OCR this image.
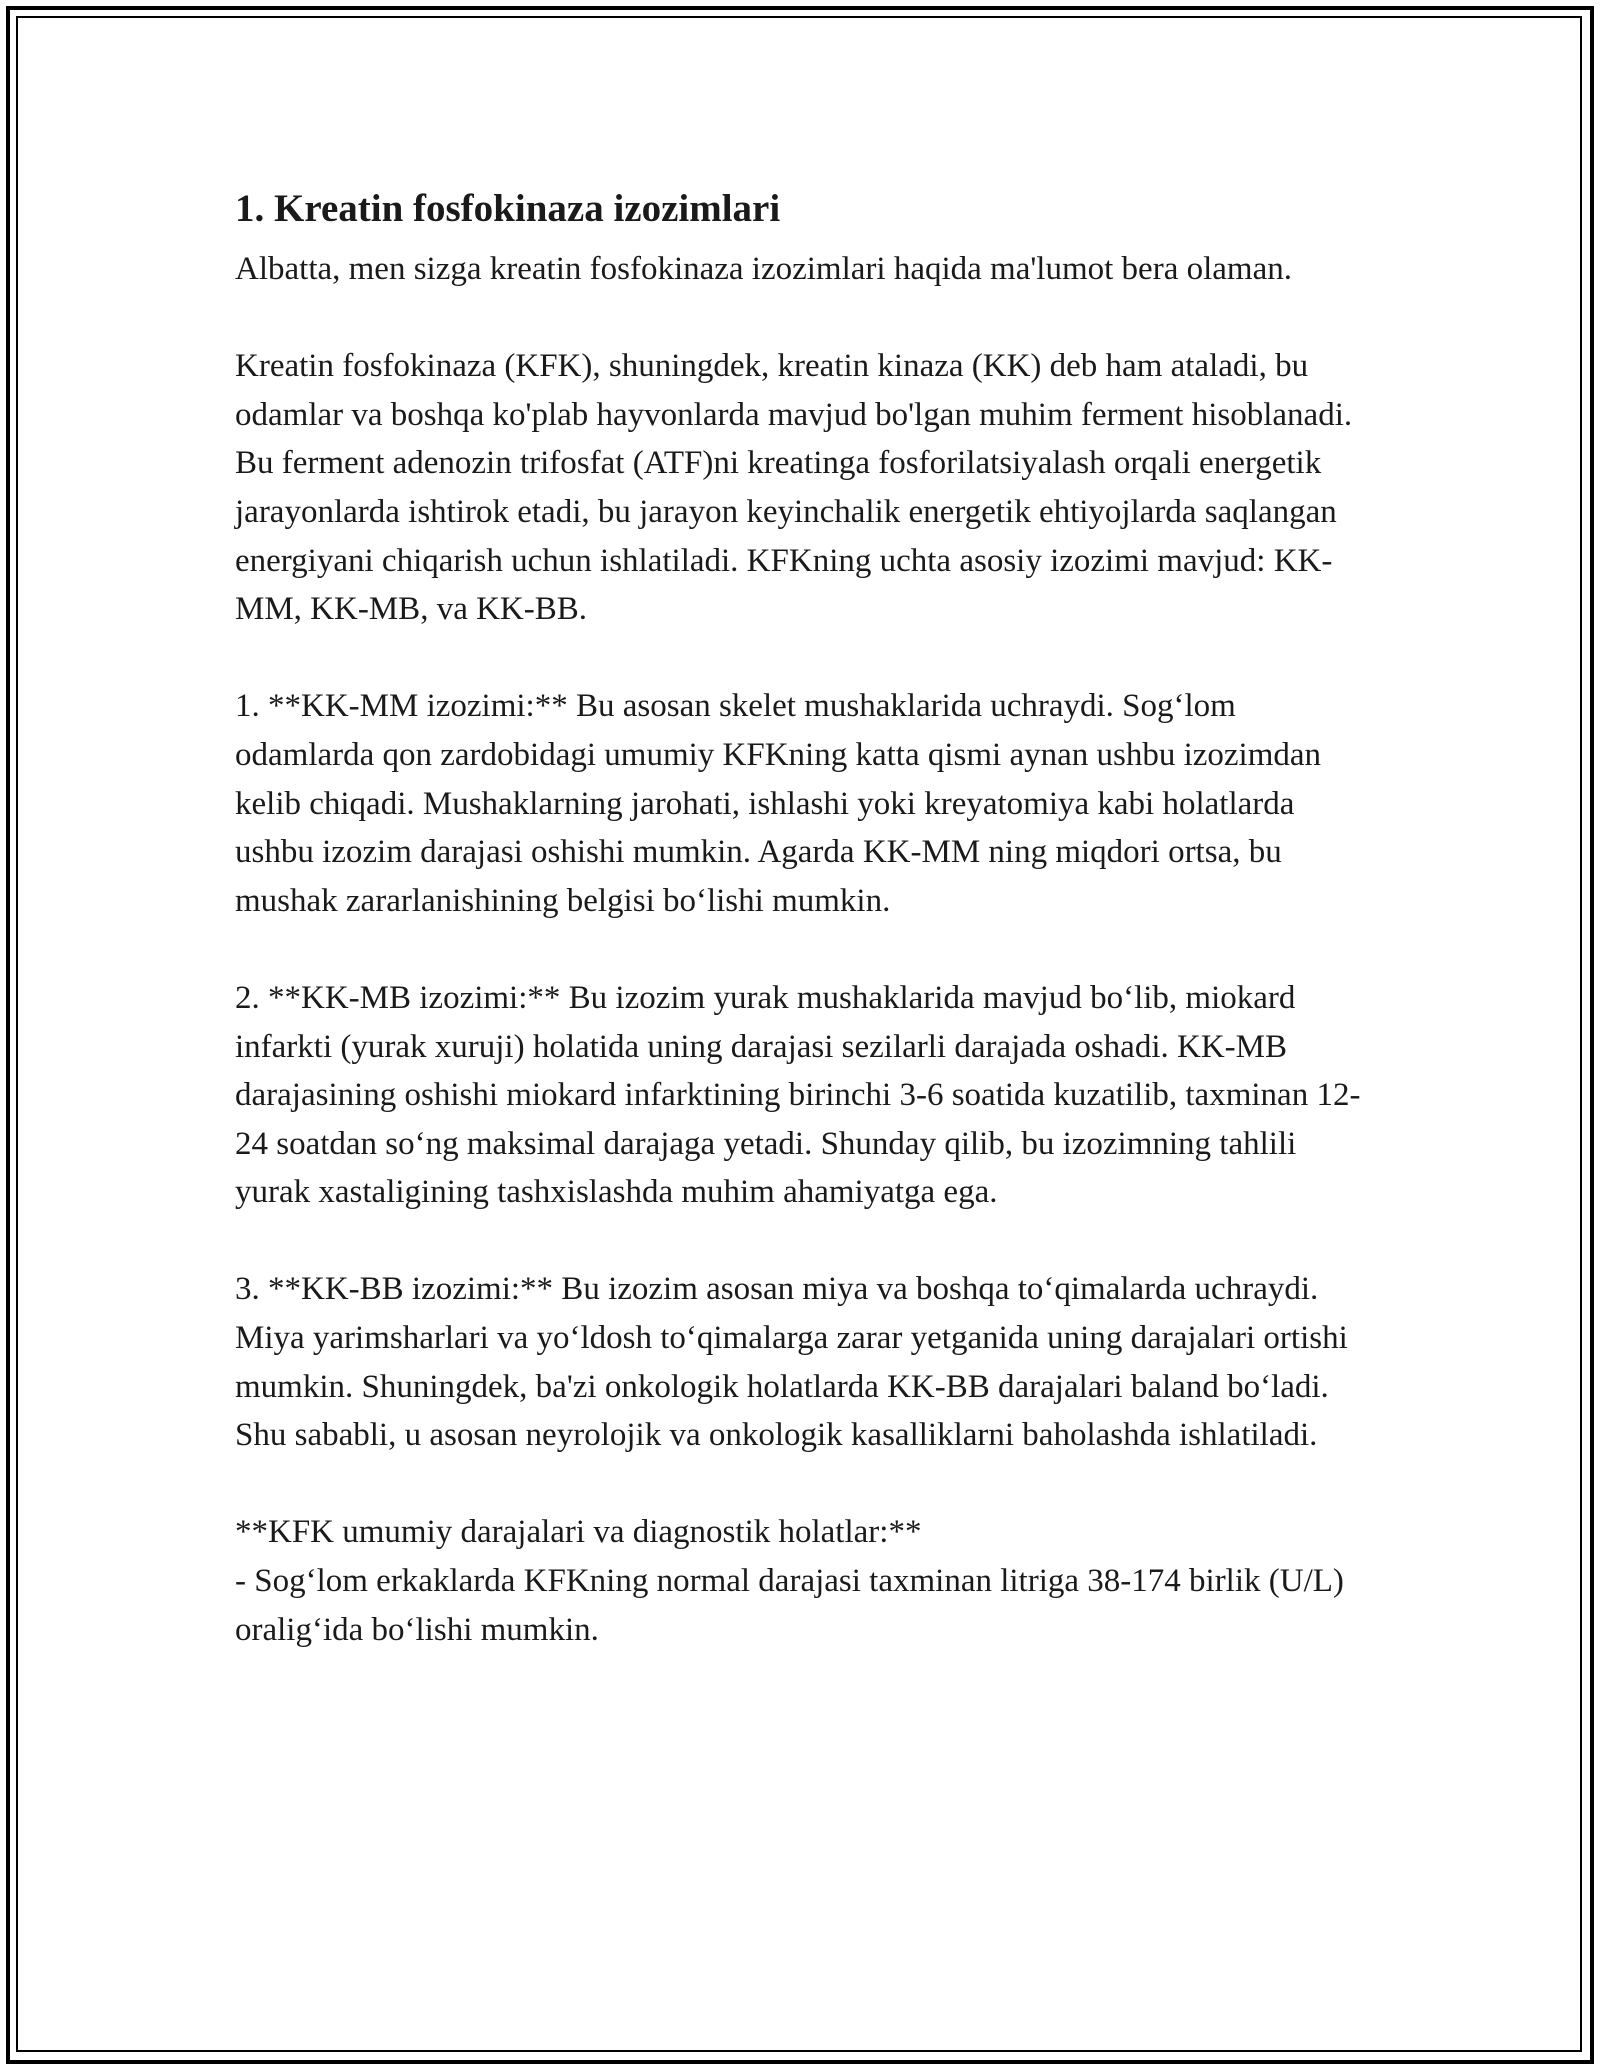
1. Kreatin fosfokinaza izozimlari

Albatta, men sizga kreatin fosfokinaza izozimlari haqida ma'lumot bera olaman.

Kreatin fosfokinaza (KFK), shuningdek, kreatin kinaza (KK) deb ham ataladi, bu odamlar va boshqa ko'plab hayvonlarda mavjud bo'lgan muhim ferment hisoblanadi. Bu ferment adenozin trifosfat (ATF)ni kreatinga fosforilatsiyalash orqali energetik jarayonlarda ishtirok etadi, bu jarayon keyinchalik energetik ehtiyojlarda saqlangan energiyani chiqarish uchun ishlatiladi. KFKning uchta asosiy izozimi mavjud: KK-MM, KK-MB, va KK-BB.

1. **KK-MM izozimi:** Bu asosan skelet mushaklarida uchraydi. Sog‘lom odamlarda qon zardobidagi umumiy KFKning katta qismi aynan ushbu izozimdan kelib chiqadi. Mushaklarning jarohati, ishlashi yoki kreyatomiya kabi holatlarda ushbu izozim darajasi oshishi mumkin. Agarda KK-MM ning miqdori ortsa, bu mushak zararlanishining belgisi bo‘lishi mumkin.

2. **KK-MB izozimi:** Bu izozim yurak mushaklarida mavjud bo‘lib, miokard infarkti (yurak xuruji) holatida uning darajasi sezilarli darajada oshadi. KK-MB darajasining oshishi miokard infarktining birinchi 3-6 soatida kuzatilib, taxminan 12-24 soatdan so‘ng maksimal darajaga yetadi. Shunday qilib, bu izozimning tahlili yurak xastaligining tashxislashda muhim ahamiyatga ega.

3. **KK-BB izozimi:** Bu izozim asosan miya va boshqa to‘qimalarda uchraydi. Miya yarimsharlari va yo‘ldosh to‘qimalarga zarar yetganida uning darajalari ortishi mumkin. Shuningdek, ba'zi onkologik holatlarda KK-BB darajalari baland bo‘ladi. Shu sababli, u asosan neyrolojik va onkologik kasalliklarni baholashda ishlatiladi.

**KFK umumiy darajalari va diagnostik holatlar:**
- Sog‘lom erkaklarda KFKning normal darajasi taxminan litriga 38-174 birlik (U/L) oralig‘ida bo‘lishi mumkin.
